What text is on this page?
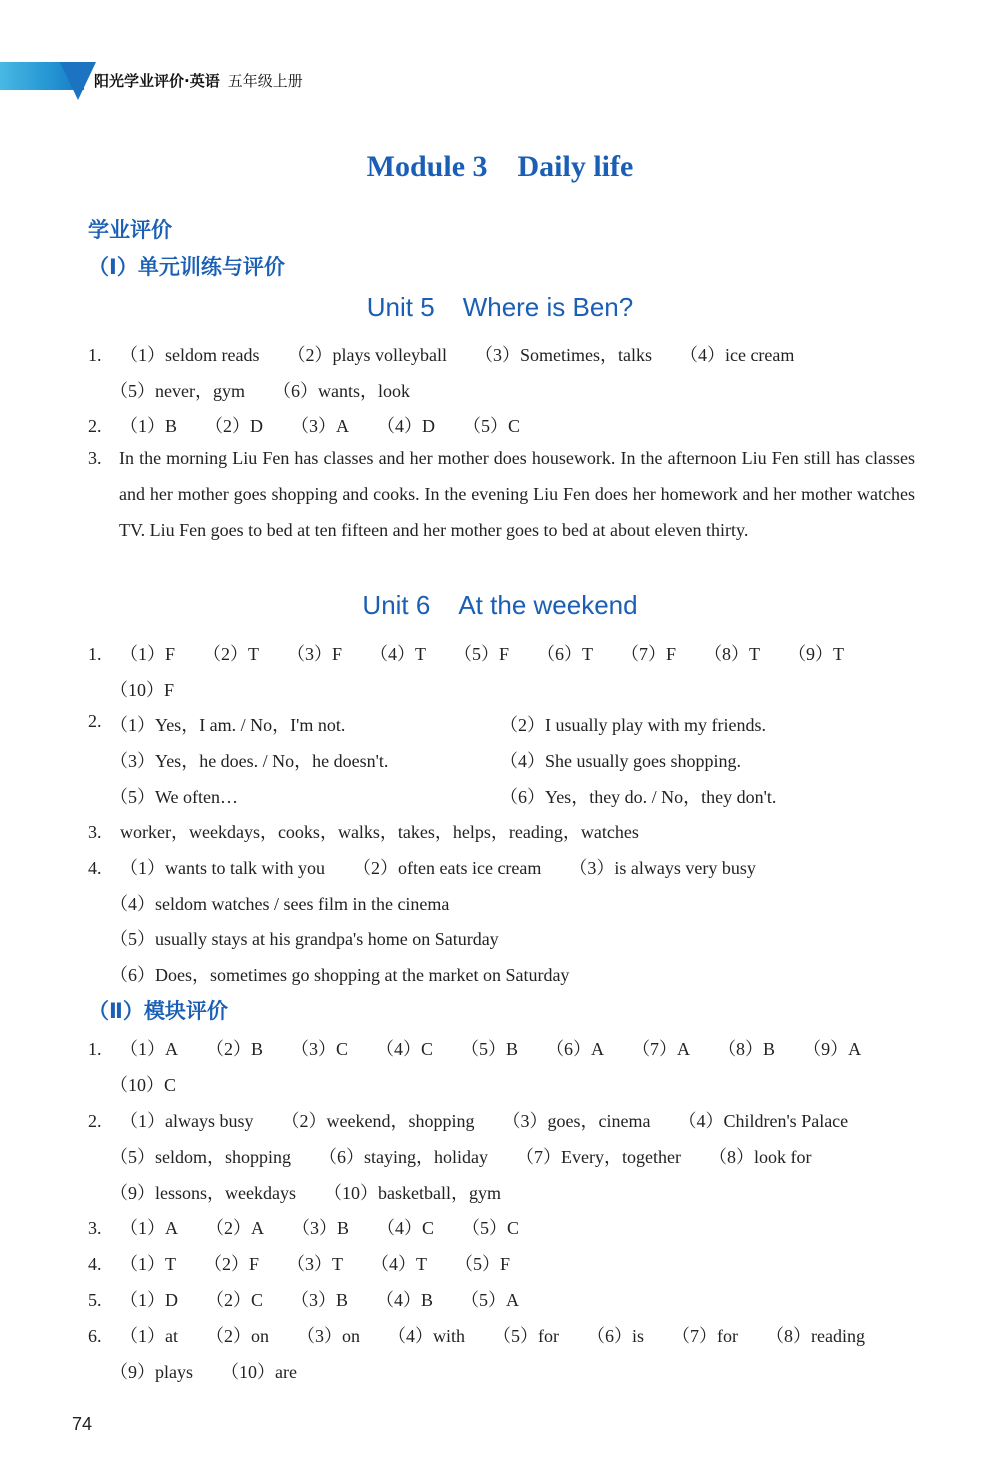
阳光学业评价·英语 五年级上册
Module 3 Daily life
学业评价
（Ⅰ）单元训练与评价
Unit 5 Where is Ben?
1. （1）seldom reads （2）plays volleyball （3）Sometimes，talks （4）ice cream
（5）never，gym （6）wants，look
2. （1）B （2）D （3）A （4）D （5）C
3. In the morning Liu Fen has classes and her mother does housework. In the afternoon Liu Fen still has classes and her mother goes shopping and cooks. In the evening Liu Fen does her homework and her mother watches TV. Liu Fen goes to bed at ten fifteen and her mother goes to bed at about eleven thirty.
Unit 6 At the weekend
1. （1）F （2）T （3）F （4）T （5）F （6）T （7）F （8）T （9）T
（10）F
2. （1）Yes，I am. / No，I'm not.
（3）Yes，he does. / No，he doesn't.
（5）We often…
（2）I usually play with my friends.
（4）She usually goes shopping.
（6）Yes，they do. / No，they don't.
3. worker，weekdays，cooks，walks，takes，helps，reading，watches
4. （1）wants to talk with you （2）often eats ice cream （3）is always very busy
（4）seldom watches / sees film in the cinema
（5）usually stays at his grandpa's home on Saturday
（6）Does，sometimes go shopping at the market on Saturday
（Ⅱ）模块评价
1. （1）A （2）B （3）C （4）C （5）B （6）A （7）A （8）B （9）A
（10）C
2. （1）always busy （2）weekend，shopping （3）goes，cinema （4）Children's Palace
（5）seldom，shopping （6）staying，holiday （7）Every，together （8）look for
（9）lessons，weekdays （10）basketball，gym
3. （1）A （2）A （3）B （4）C （5）C
4. （1）T （2）F （3）T （4）T （5）F
5. （1）D （2）C （3）B （4）B （5）A
6. （1）at （2）on （3）on （4）with （5）for （6）is （7）for （8）reading
（9）plays （10）are
74
